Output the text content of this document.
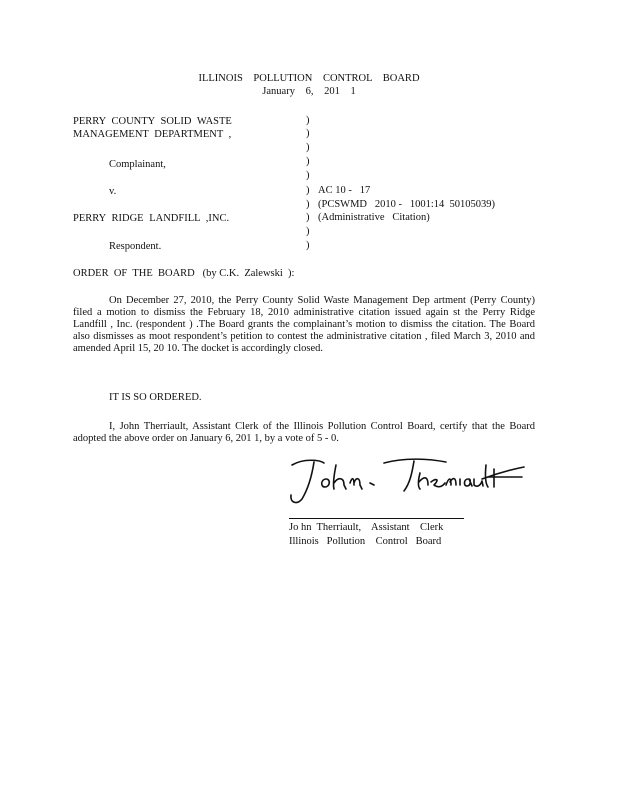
ILLINOIS POLLUTION CONTROL BOARD
January 6, 201 1
PERRY COUNTY SOLID WASTE
MANAGEMENT DEPARTMENT ,
Complainant,
v.
PERRY RIDGE LANDFILL ,INC.
Respondent.
)
)
)
)
)
)
)
)
)
)
AC 10 -   17
(PCSWMD   2010 -   1001:14  50105039)
(Administrative   Citation)
ORDER  OF  THE  BOARD   (by C.K.  Zalewski  ):
On December 27, 2010, the Perry County Solid Waste Management Dep artment (Perry County) filed a motion to dismiss the February 18, 2010 administrative citation issued again st the Perry Ridge Landfill , Inc. (respondent ) .The Board grants the complainant’s motion to dismiss the citation. The Board also dismisses as moot respondent’s petition to contest the administrative citation , filed March 3, 2010 and amended April 15, 20 10. The docket is accordingly closed.
IT IS SO ORDERED.
I, John Therriault, Assistant Clerk of the Illinois Pollution Control Board, certify that the Board adopted the above order on January 6, 201 1, by a vote of 5 - 0.
Jo hn  Therriault,    Assistant    Clerk
Illinois   Pollution    Control   Board
